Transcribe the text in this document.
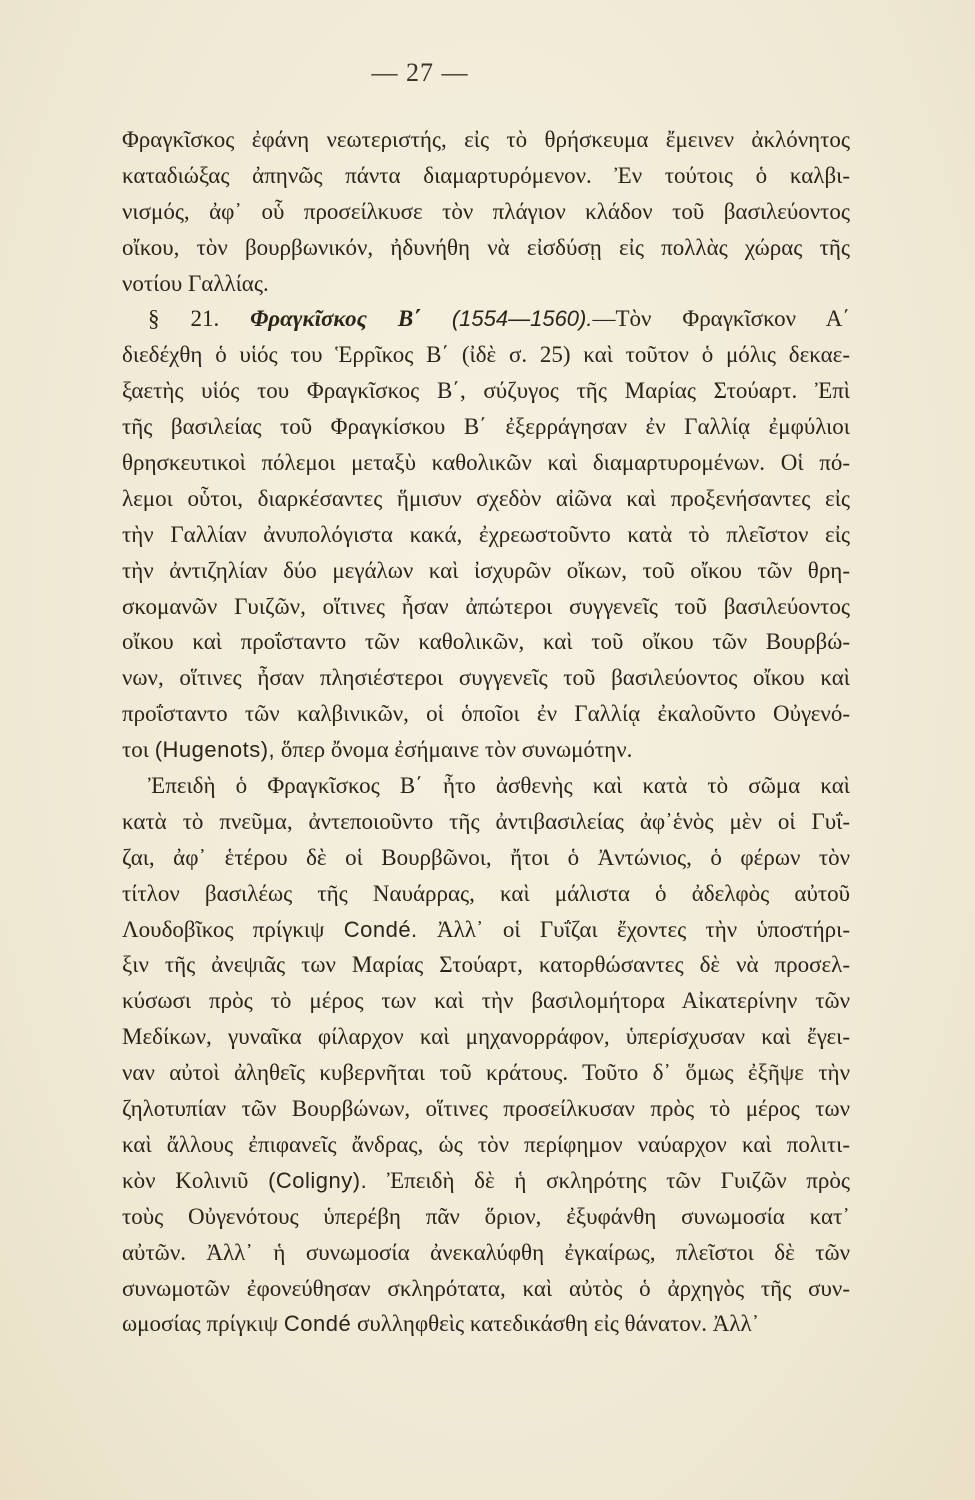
— 27 —
Φραγκῖσκος ἐφάνη νεωτεριστής, εἰς τὸ θρήσκευμα ἔμεινεν ἀκλόνητος
καταδιώξας ἀπηνῶς πάντα διαμαρτυρόμενον. Ἐν τούτοις ὁ καλβι-
νισμός, ἀφ᾽ οὗ προσείλκυσε τὸν πλάγιον κλάδον τοῦ βασιλεύοντος
οἴκου, τὸν βουρβωνικόν, ἠδυνήθη νὰ εἰσδύσῃ εἰς πολλὰς χώρας τῆς
νοτίου Γαλλίας.
§ 21. Φραγκῖσκος Β΄ (1554—1560).—Τὸν Φραγκῖσκον Α΄
διεδέχθη ὁ υἱός του Ἑρρῖκος Β΄ (ἰδὲ σ. 25) καὶ τοῦτον ὁ μόλις δεκαε-
ξαετὴς υἱός του Φραγκῖσκος Β΄, σύζυγος τῆς Μαρίας Στούαρτ. Ἐπὶ
τῆς βασιλείας τοῦ Φραγκίσκου Β΄ ἐξερράγησαν ἐν Γαλλίᾳ ἐμφύλιοι
θρησκευτικοὶ πόλεμοι μεταξὺ καθολικῶν καὶ διαμαρτυρομένων. Οἱ πό-
λεμοι οὗτοι, διαρκέσαντες ἥμισυν σχεδὸν αἰῶνα καὶ προξενήσαντες εἰς
τὴν Γαλλίαν ἀνυπολόγιστα κακά, ἐχρεωστοῦντο κατὰ τὸ πλεῖστον εἰς
τὴν ἀντιζηλίαν δύο μεγάλων καὶ ἰσχυρῶν οἴκων, τοῦ οἴκου τῶν θρη-
σκομανῶν Γυιζῶν, οἵτινες ἦσαν ἀπώτεροι συγγενεῖς τοῦ βασιλεύοντος
οἴκου καὶ προΐσταντο τῶν καθολικῶν, καὶ τοῦ οἴκου τῶν Βουρβώ-
νων, οἵτινες ἦσαν πλησιέστεροι συγγενεῖς τοῦ βασιλεύοντος οἴκου καὶ
προΐσταντο τῶν καλβινικῶν, οἱ ὁποῖοι ἐν Γαλλίᾳ ἐκαλοῦντο Οὐγενό-
τοι (Hugenots), ὅπερ ὄνομα ἐσήμαινε τὸν συνωμότην.
Ἐπειδὴ ὁ Φραγκῖσκος Β΄ ἦτο ἀσθενὴς καὶ κατὰ τὸ σῶμα καὶ
κατὰ τὸ πνεῦμα, ἀντεποιοῦντο τῆς ἀντιβασιλείας ἀφ᾽ἑνὸς μὲν οἱ Γυΐ-
ζαι, ἀφ᾽ ἑτέρου δὲ οἱ Βουρβῶνοι, ἤτοι ὁ Ἀντώνιος, ὁ φέρων τὸν
τίτλον βασιλέως τῆς Ναυάρρας, καὶ μάλιστα ὁ ἀδελφὸς αὐτοῦ
Λουδοβῖκος πρίγκιψ Condé. Ἀλλ᾽ οἱ Γυΐζαι ἔχοντες τὴν ὑποστήρι-
ξιν τῆς ἀνεψιᾶς των Μαρίας Στούαρτ, κατορθώσαντες δὲ νὰ προσελ-
κύσωσι πρὸς τὸ μέρος των καὶ τὴν βασιλομήτορα Αἰκατερίνην τῶν
Μεδίκων, γυναῖκα φίλαρχον καὶ μηχανορράφον, ὑπερίσχυσαν καὶ ἔγει-
ναν αὐτοὶ ἀληθεῖς κυβερνῆται τοῦ κράτους. Τοῦτο δ᾽ ὅμως ἐξῆψε τὴν
ζηλοτυπίαν τῶν Βουρβώνων, οἵτινες προσείλκυσαν πρὸς τὸ μέρος των
καὶ ἄλλους ἐπιφανεῖς ἄνδρας, ὡς τὸν περίφημον ναύαρχον καὶ πολιτι-
κὸν Κολινιῦ (Coligny). Ἐπειδὴ δὲ ἡ σκληρότης τῶν Γυιζῶν πρὸς
τοὺς Οὐγενότους ὑπερέβη πᾶν ὅριον, ἐξυφάνθη συνωμοσία κατ᾽
αὐτῶν. Ἀλλ᾽ ἡ συνωμοσία ἀνεκαλύφθη ἐγκαίρως, πλεῖστοι δὲ τῶν
συνωμοτῶν ἐφονεύθησαν σκληρότατα, καὶ αὐτὸς ὁ ἀρχηγὸς τῆς συν-
ωμοσίας πρίγκιψ Condé συλληφθεὶς κατεδικάσθη εἰς θάνατον. Ἀλλ᾽
